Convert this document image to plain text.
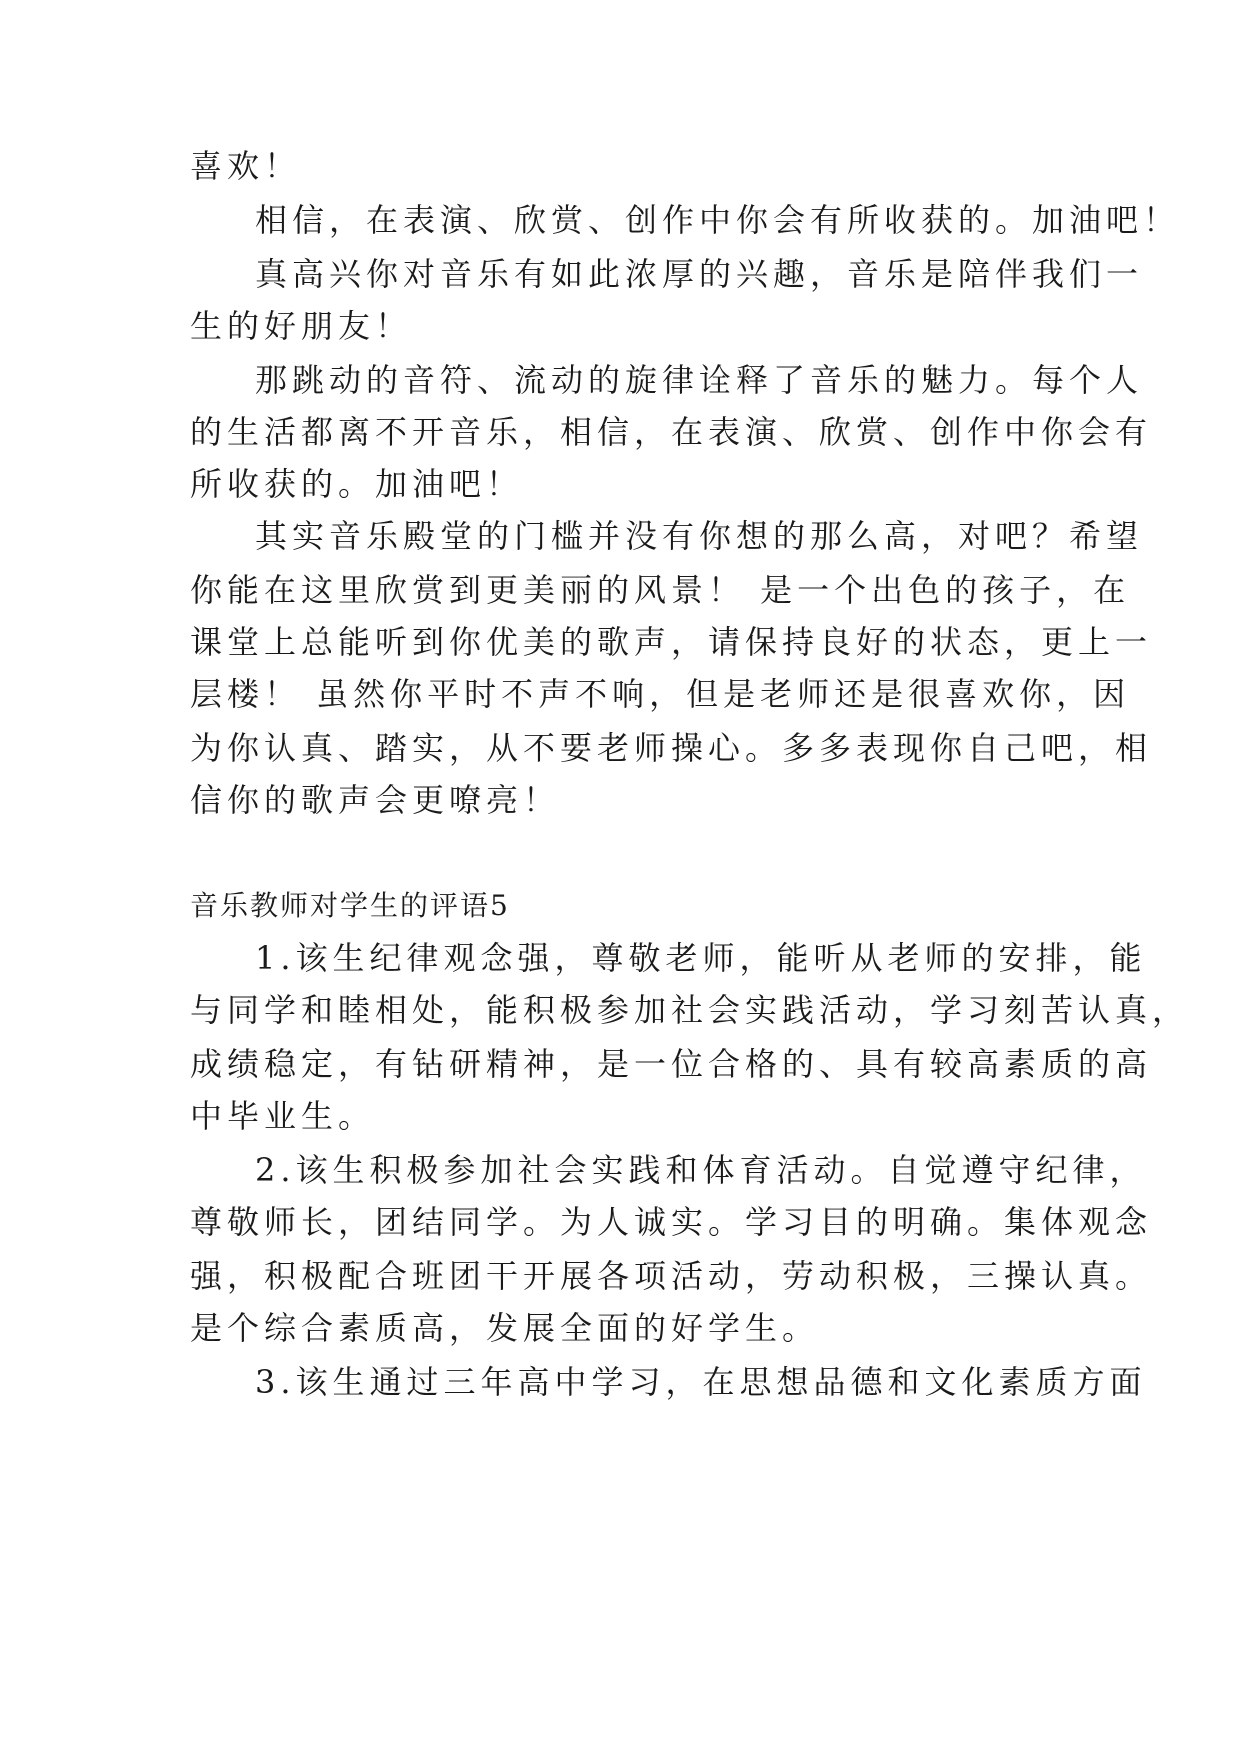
喜欢！

相信，在表演、欣赏、创作中你会有所收获的。加油吧！

真高兴你对音乐有如此浓厚的兴趣，音乐是陪伴我们一

生的好朋友！

那跳动的音符、流动的旋律诠释了音乐的魅力。每个人

的生活都离不开音乐，相信，在表演、欣赏、创作中你会有

所收获的。加油吧！

其实音乐殿堂的门槛并没有你想的那么高，对吧？希望

你能在这里欣赏到更美丽的风景！ 是一个出色的孩子，在

课堂上总能听到你优美的歌声，请保持良好的状态，更上一

层楼！ 虽然你平时不声不响，但是老师还是很喜欢你，因

为你认真、踏实，从不要老师操心。多多表现你自己吧，相

信你的歌声会更嘹亮！

音乐教师对学生的评语5

1.该生纪律观念强，尊敬老师，能听从老师的安排，能

与同学和睦相处，能积极参加社会实践活动，学习刻苦认真，

成绩稳定，有钻研精神，是一位合格的、具有较高素质的高

中毕业生。

2.该生积极参加社会实践和体育活动。自觉遵守纪律，

尊敬师长，团结同学。为人诚实。学习目的明确。集体观念

强，积极配合班团干开展各项活动，劳动积极，三操认真。

是个综合素质高，发展全面的好学生。

3.该生通过三年高中学习，在思想品德和文化素质方面
